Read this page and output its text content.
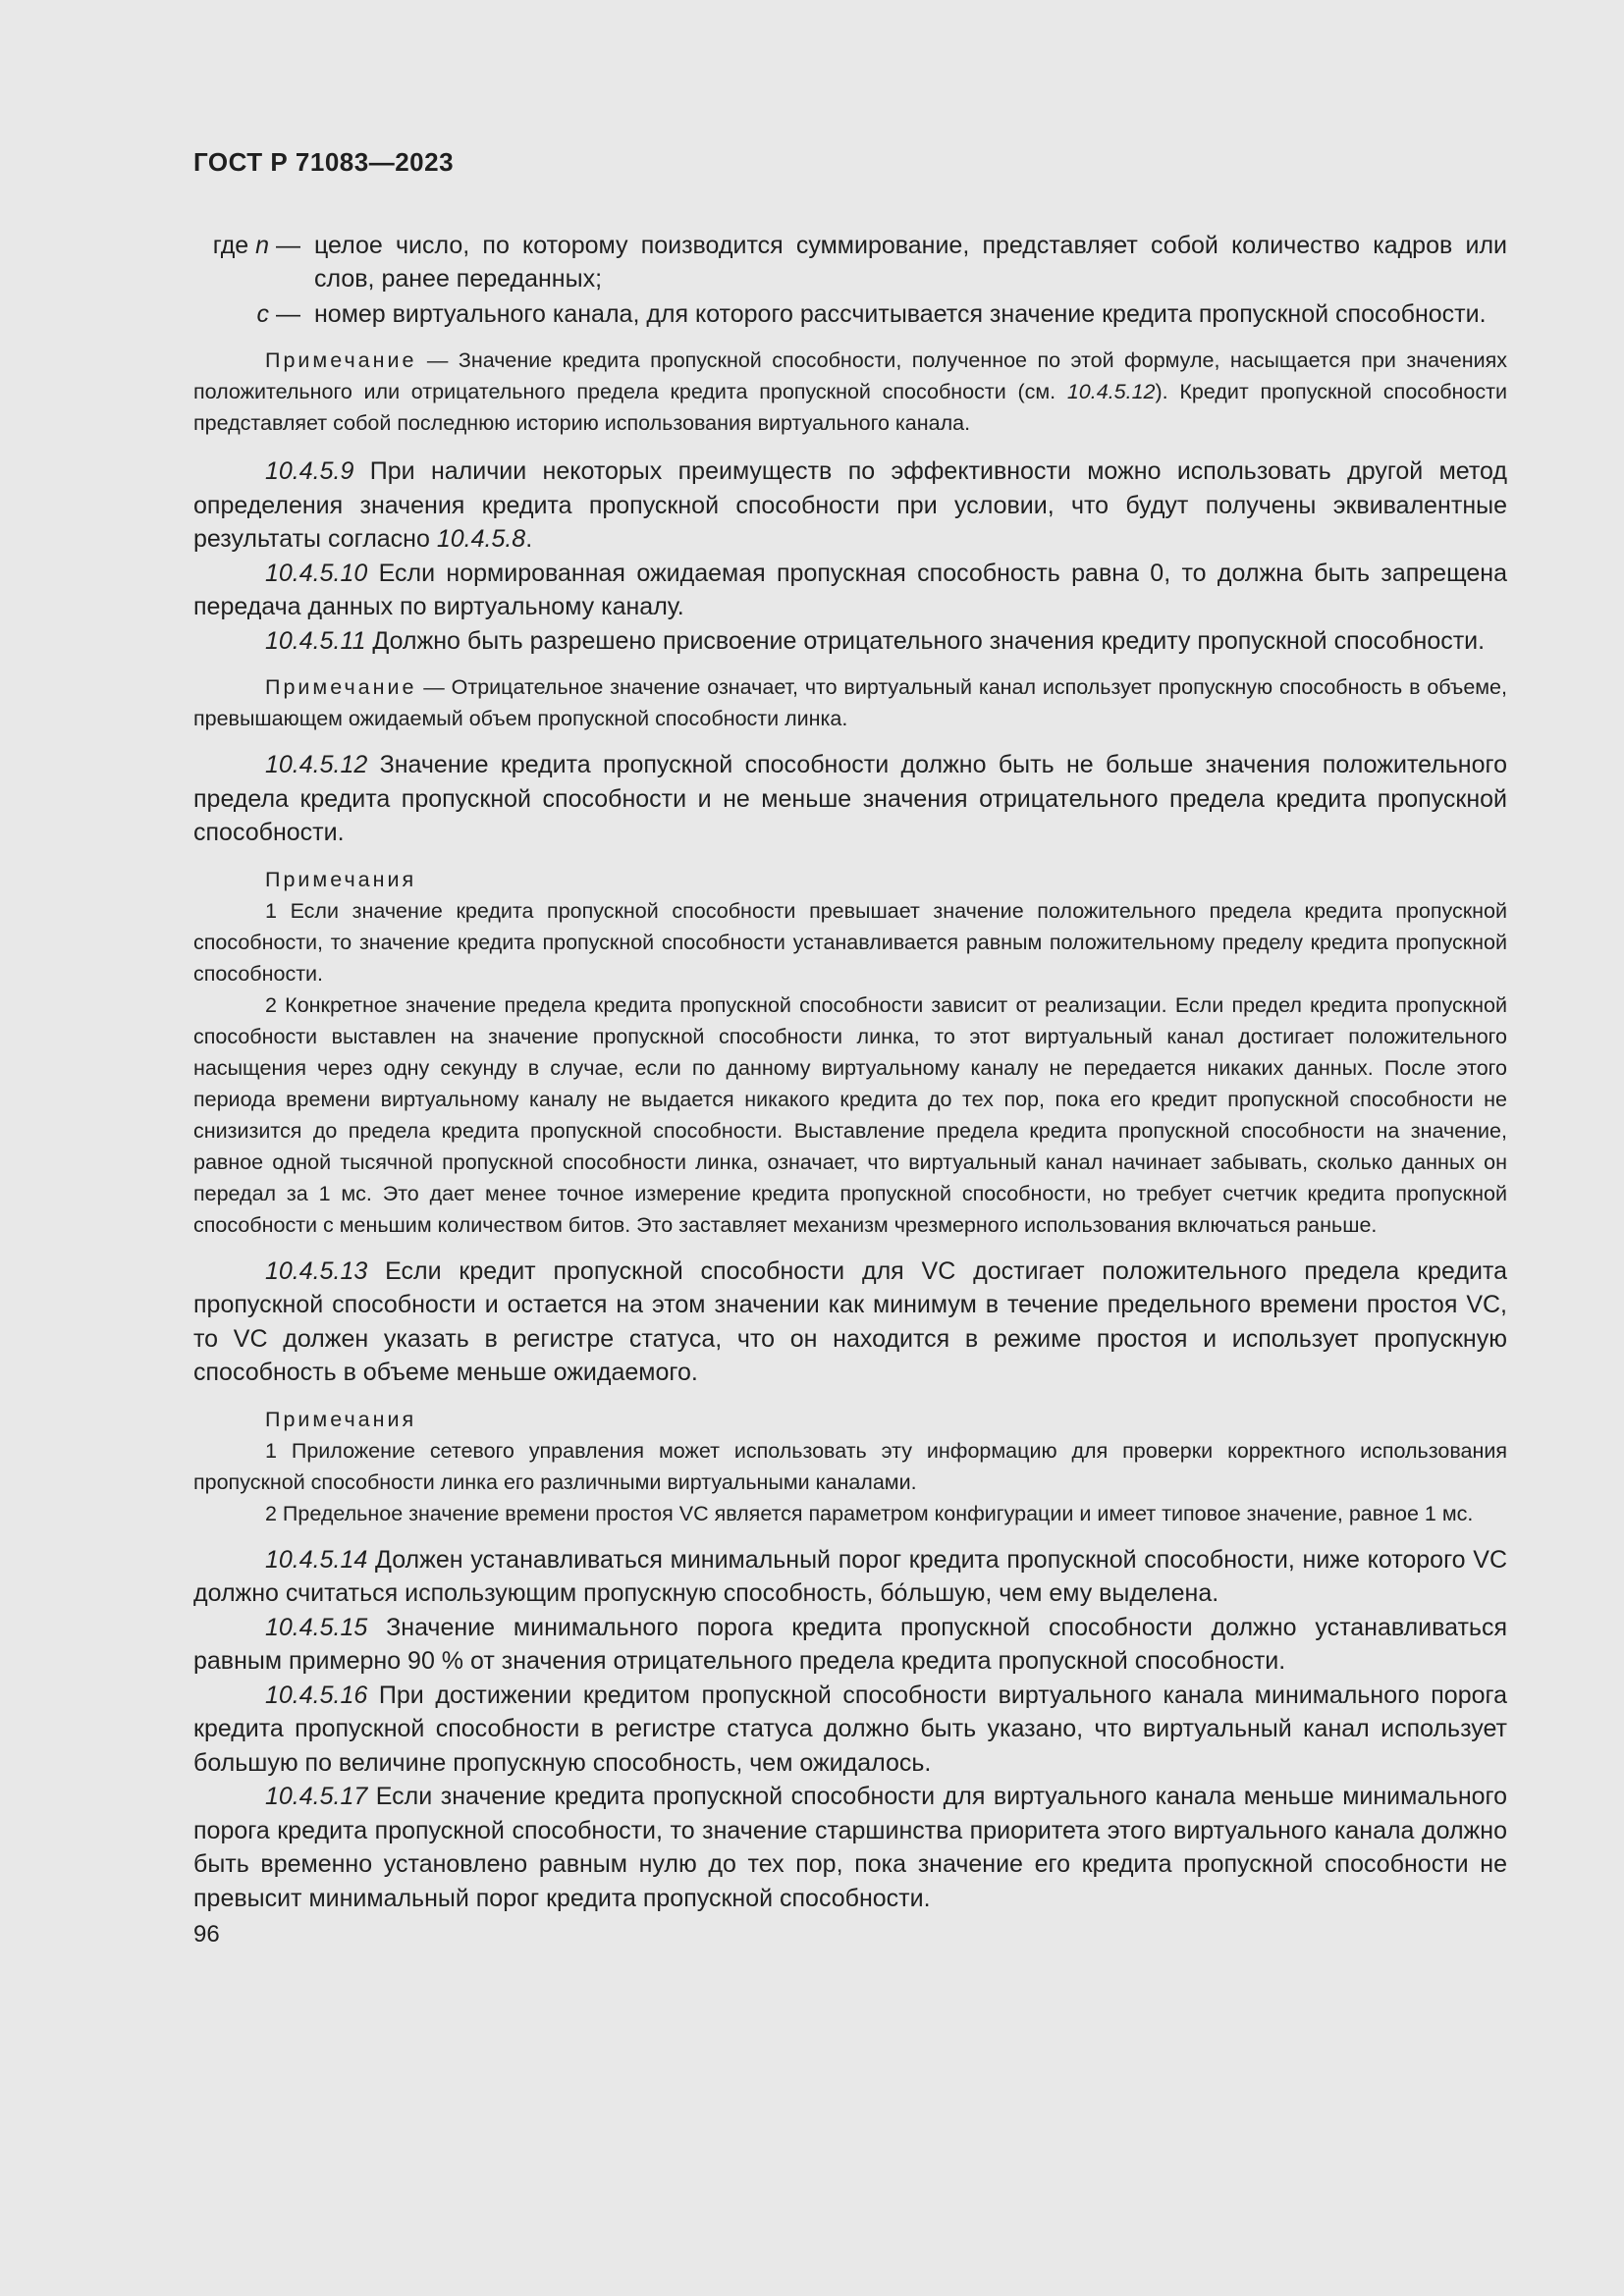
ГОСТ Р 71083—2023
где n — целое число, по которому поизводится суммирование, представляет собой количество кадров или слов, ранее переданных;
c — номер виртуального канала, для которого рассчитывается значение кредита пропускной способности.

Примечание — Значение кредита пропускной способности, полученное по этой формуле, насыщается при значениях положительного или отрицательного предела кредита пропускной способности (см. 10.4.5.12). Кредит пропускной способности представляет собой последнюю историю использования виртуального канала.

10.4.5.9 При наличии некоторых преимуществ по эффективности можно использовать другой метод определения значения кредита пропускной способности при условии, что будут получены эквивалентные результаты согласно 10.4.5.8.

10.4.5.10 Если нормированная ожидаемая пропускная способность равна 0, то должна быть запрещена передача данных по виртуальному каналу.

10.4.5.11 Должно быть разрешено присвоение отрицательного значения кредиту пропускной способности.

Примечание — Отрицательное значение означает, что виртуальный канал использует пропускную способность в объеме, превышающем ожидаемый объем пропускной способности линка.

10.4.5.12 Значение кредита пропускной способности должно быть не больше значения положительного предела кредита пропускной способности и не меньше значения отрицательного предела кредита пропускной способности.

Примечания

1 Если значение кредита пропускной способности превышает значение положительного предела кредита пропускной способности, то значение кредита пропускной способности устанавливается равным положительному пределу кредита пропускной способности.

2 Конкретное значение предела кредита пропускной способности зависит от реализации. Если предел кредита пропускной способности выставлен на значение пропускной способности линка, то этот виртуальный канал достигает положительного насыщения через одну секунду в случае, если по данному виртуальному каналу не передается никаких данных. После этого периода времени виртуальному каналу не выдается никакого кредита до тех пор, пока его кредит пропускной способности не снизизится до предела кредита пропускной способности. Выставление предела кредита пропускной способности на значение, равное одной тысячной пропускной способности линка, означает, что виртуальный канал начинает забывать, сколько данных он передал за 1 мс. Это дает менее точное измерение кредита пропускной способности, но требует счетчик кредита пропускной способности с меньшим количеством битов. Это заставляет механизм чрезмерного использования включаться раньше.

10.4.5.13 Если кредит пропускной способности для VC достигает положительного предела кредита пропускной способности и остается на этом значении как минимум в течение предельного времени простоя VC, то VC должен указать в регистре статуса, что он находится в режиме простоя и использует пропускную способность в объеме меньше ожидаемого.

Примечания

1 Приложение сетевого управления может использовать эту информацию для проверки корректного использования пропускной способности линка его различными виртуальными каналами.

2 Предельное значение времени простоя VC является параметром конфигурации и имеет типовое значение, равное 1 мс.

10.4.5.14 Должен устанавливаться минимальный порог кредита пропускной способности, ниже которого VC должно считаться использующим пропускную способность, бо́льшую, чем ему выделена.

10.4.5.15 Значение минимального порога кредита пропускной способности должно устанавливаться равным примерно 90 % от значения отрицательного предела кредита пропускной способности.

10.4.5.16 При достижении кредитом пропускной способности виртуального канала минимального порога кредита пропускной способности в регистре статуса должно быть указано, что виртуальный канал использует большую по величине пропускную способность, чем ожидалось.

10.4.5.17 Если значение кредита пропускной способности для виртуального канала меньше минимального порога кредита пропускной способности, то значение старшинства приоритета этого виртуального канала должно быть временно установлено равным нулю до тех пор, пока значение его кредита пропускной способности не превысит минимальный порог кредита пропускной способности.

96
